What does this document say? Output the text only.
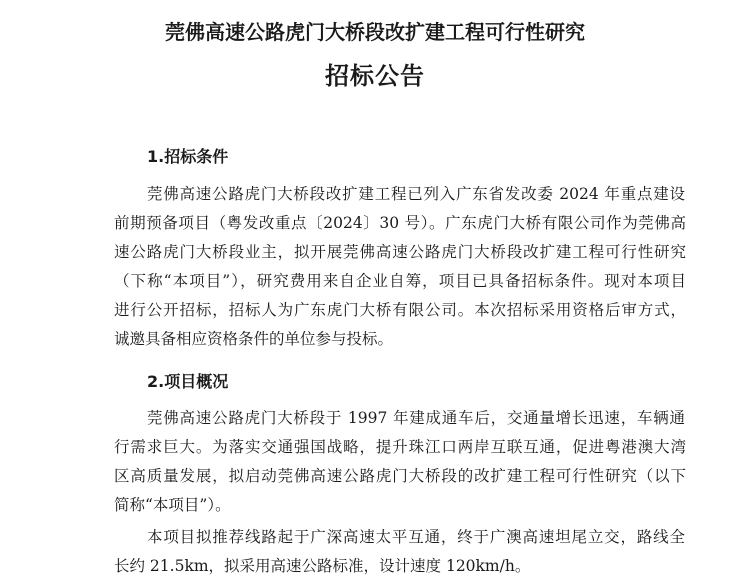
莞佛高速公路虎门大桥段改扩建工程可行性研究
招标公告
1.招标条件
莞佛高速公路虎门大桥段改扩建工程已列入广东省发改委 2024 年重点建设
前期预备项目（粤发改重点〔2024〕30 号）。广东虎门大桥有限公司作为莞佛高
速公路虎门大桥段业主，拟开展莞佛高速公路虎门大桥段改扩建工程可行性研究
（下称“本项目”），研究费用来自企业自筹，项目已具备招标条件。现对本项目
进行公开招标，招标人为广东虎门大桥有限公司。本次招标采用资格后审方式，
诚邀具备相应资格条件的单位参与投标。
2.项目概况
莞佛高速公路虎门大桥段于 1997 年建成通车后，交通量增长迅速，车辆通
行需求巨大。为落实交通强国战略，提升珠江口两岸互联互通，促进粤港澳大湾
区高质量发展，拟启动莞佛高速公路虎门大桥段的改扩建工程可行性研究（以下
简称“本项目”）。
本项目拟推荐线路起于广深高速太平互通，终于广澳高速坦尾立交，路线全
长约 21.5km，拟采用高速公路标准，设计速度 120km/h。
